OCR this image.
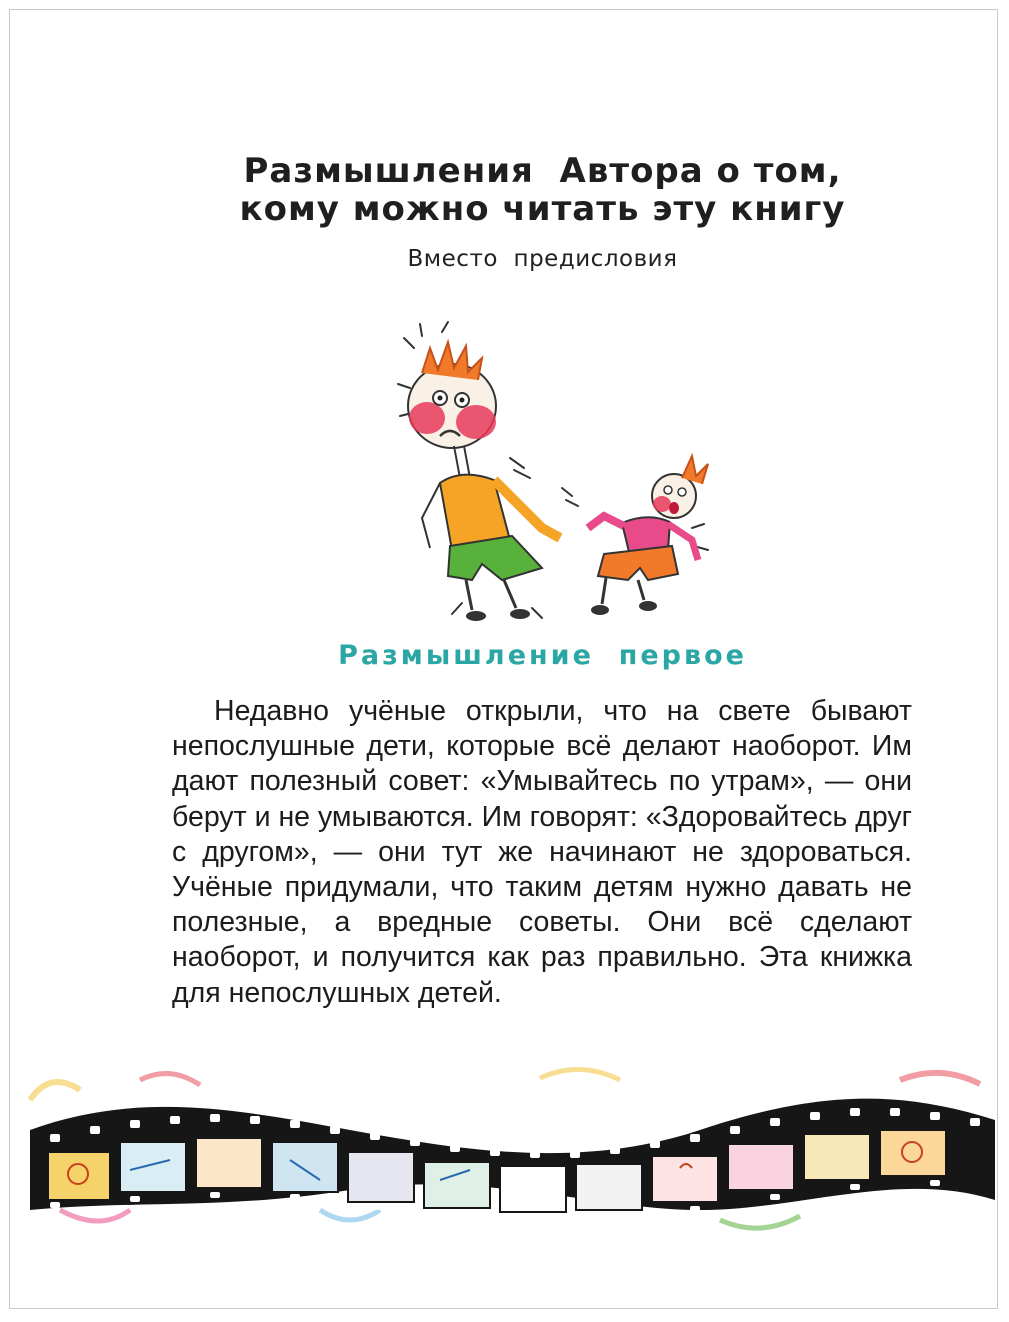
Размышления  Автора о том,
кому можно читать эту книгу
Вместо  предисловия
Размышление  первое

Недавно учёные открыли, что на свете бывают непослушные дети, которые всё делают наоборот. Им дают полезный совет: «Умывайтесь по утрам», — они берут и не умываются. Им говорят: «Здоровайтесь друг с другом», — они тут же начинают не здороваться. Учёные придумали, что таким детям нужно давать не полезные, а вредные советы. Они всё сделают наоборот, и получится как раз правильно. Эта книжка для непослушных детей.
